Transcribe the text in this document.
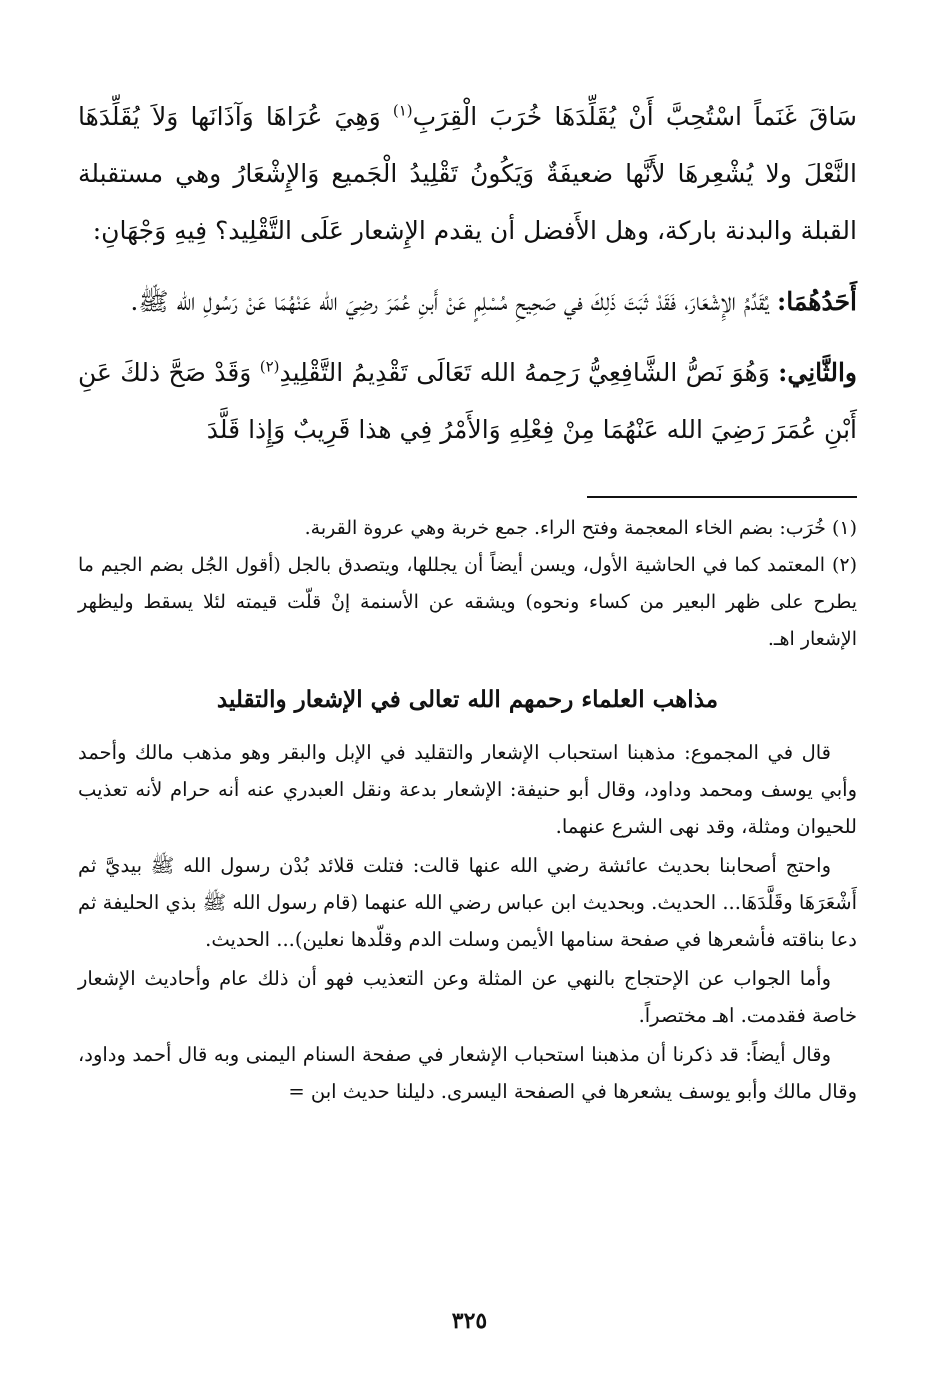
سَاقَ غَنَماً اسْتُحِبَّ أَنْ يُقَلِّدَهَا خُرَبَ الْقِرَبِ$^{(١)}$ وَهِيَ عُرَاهَا وَآذَانَها وَلاَ يُقَلِّدَهَا النَّعْلَ ولا يُشْعِرهَا لأَنَّها ضعيفَةٌ وَيَكُونُ تَقْلِيدُ الْجَميع وَالإِشْعَارُ وهي مستقبلة القبلة والبدنة باركة، وهل الأَفضل أن يقدم الإِشعار عَلَى التَّقْلِيد؟ فِيهِ وَجْهَانِ:

أَحَدُهُمَا: يُقَدِّمُ الإِشْعَارَ، فَقَدْ ثَبَتَ ذَلِكَ في صَحِيحِ مُسْلِمٍ عَنْ أَبنِ عُمَرَ رضِيَ الله عَنْهُمَا عَنْ رَسُولِ الله ﷺ.

والثَّانِي: وَهُوَ نَصُّ الشَّافِعِيُّ رَحِمهُ الله تَعَالَى تَقْدِيمُ التَّقْلِيدِ$^{(٢)}$ وَقَدْ صَحَّ ذلكَ عَنِ أَبْنِ عُمَرَ رَضِيَ الله عَنْهُمَا مِنْ فِعْلِهِ وَالأَمْرُ فِي هذا قَرِيبٌ وَإِذا قَلَّدَ

(١) خُرَب: بضم الخاء المعجمة وفتح الراء. جمع خربة وهي عروة القربة.

(٢) المعتمد كما في الحاشية الأول، ويسن أيضاً أن يجللها، ويتصدق بالجل (أقول الجُل بضم الجيم ما يطرح على ظهر البعير من كساء ونحوه) ويشقه عن الأسنمة إنْ قلّت قيمته لئلا يسقط وليظهر الإشعار اهـ.

مذاهب العلماء رحمهم الله تعالى في الإشعار والتقليد

قال في المجموع: مذهبنا استحباب الإشعار والتقليد في الإبل والبقر وهو مذهب مالك وأحمد وأبي يوسف ومحمد وداود، وقال أبو حنيفة: الإشعار بدعة ونقل العبدري عنه أنه حرام لأنه تعذيب للحيوان ومثلة، وقد نهى الشرع عنهما.

واحتج أصحابنا بحديث عائشة رضي الله عنها قالت: فتلت قلائد بُدْن رسول الله ﷺ بيديَّ ثم أَشْعَرَهَا وقَلَّدَهَا... الحديث. وبحديث ابن عباس رضي الله عنهما (قام رسول الله ﷺ بذي الحليفة ثم دعا بناقته فأشعرها في صفحة سنامها الأيمن وسلت الدم وقلّدها نعلين)... الحديث.

وأما الجواب عن الإحتجاج بالنهي عن المثلة وعن التعذيب فهو أن ذلك عام وأحاديث الإشعار خاصة فقدمت. اهـ مختصراً.

وقال أيضاً: قد ذكرنا أن مذهبنا استحباب الإشعار في صفحة السنام اليمنى وبه قال أحمد وداود، وقال مالك وأبو يوسف يشعرها في الصفحة اليسرى. دليلنا حديث ابن =

٣٢٥
